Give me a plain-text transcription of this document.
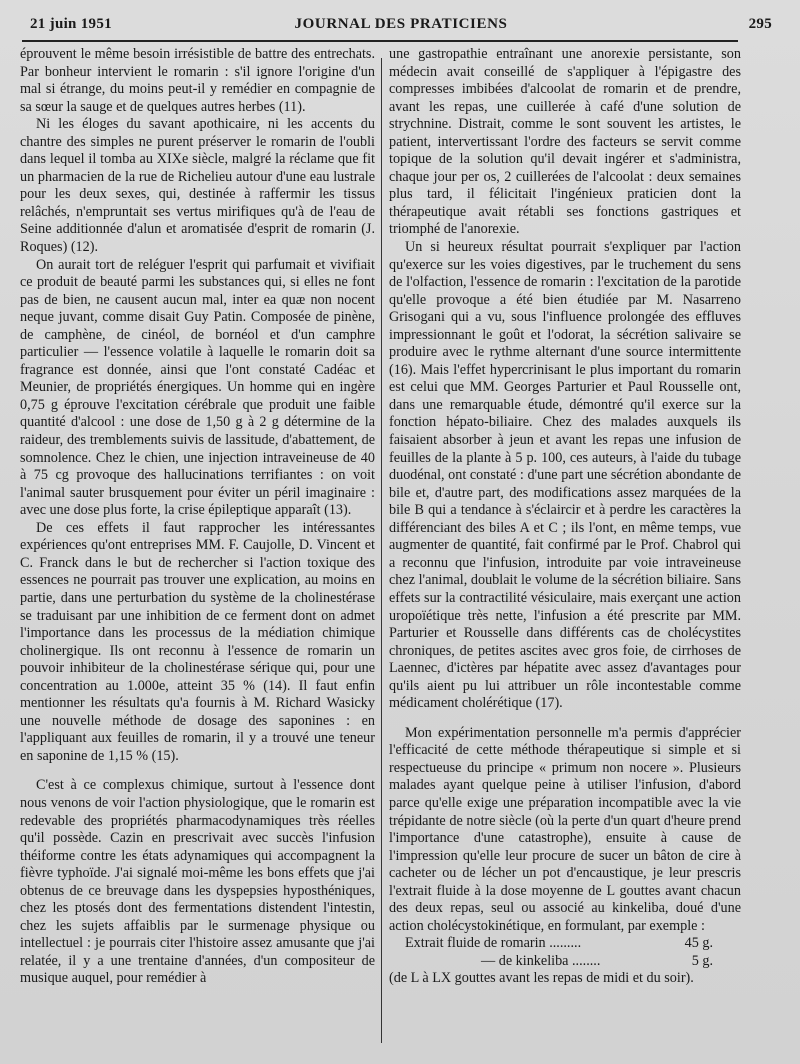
21 juin 1951	JOURNAL DES PRATICIENS	295

éprouvent le même besoin irrésistible de battre des entrechats. Par bonheur intervient le romarin : s'il ignore l'origine d'un mal si étrange, du moins peut-il y remédier en compagnie de sa sœur la sauge et de quelques autres herbes (11).

Ni les éloges du savant apothicaire, ni les accents du chantre des simples ne purent préserver le romarin de l'oubli dans lequel il tomba au XIXe siècle, malgré la réclame que fit un pharmacien de la rue de Richelieu autour d'une eau lustrale pour les deux sexes, qui, destinée à raffermir les tissus relâchés, n'empruntait ses vertus mirifiques qu'à de l'eau de Seine additionnée d'alun et aromatisée d'esprit de romarin (J. Roques) (12).

On aurait tort de reléguer l'esprit qui parfumait et vivifiait ce produit de beauté parmi les substances qui, si elles ne font pas de bien, ne causent aucun mal, inter ea quæ non nocent neque juvant, comme disait Guy Patin. Composée de pinène, de camphène, de cinéol, de bornéol et d'un camphre particulier — l'essence volatile à laquelle le romarin doit sa fragrance est donnée, ainsi que l'ont constaté Cadéac et Meunier, de propriétés énergiques. Un homme qui en ingère 0,75 g éprouve l'excitation cérébrale que produit une faible quantité d'alcool : une dose de 1,50 g à 2 g détermine de la raideur, des tremblements suivis de lassitude, d'abattement, de somnolence. Chez le chien, une injection intraveineuse de 40 à 75 cg provoque des hallucinations terrifiantes : on voit l'animal sauter brusquement pour éviter un péril imaginaire : avec une dose plus forte, la crise épileptique apparaît (13).

De ces effets il faut rapprocher les intéressantes expériences qu'ont entreprises MM. F. Caujolle, D. Vincent et C. Franck dans le but de rechercher si l'action toxique des essences ne pourrait pas trouver une explication, au moins en partie, dans une perturbation du système de la cholinestérase se traduisant par une inhibition de ce ferment dont on admet l'importance dans les processus de la médiation chimique cholinergique. Ils ont reconnu à l'essence de romarin un pouvoir inhibiteur de la cholinestérase sérique qui, pour une concentration au 1.000e, atteint 35 % (14). Il faut enfin mentionner les résultats qu'a fournis à M. Richard Wasicky une nouvelle méthode de dosage des saponines : en l'appliquant aux feuilles de romarin, il y a trouvé une teneur en saponine de 1,15 % (15).

C'est à ce complexus chimique, surtout à l'essence dont nous venons de voir l'action physiologique, que le romarin est redevable des propriétés pharmacodynamiques très réelles qu'il possède. Cazin en prescrivait avec succès l'infusion théiforme contre les états adynamiques qui accompagnent la fièvre typhoïde. J'ai signalé moi-même les bons effets que j'ai obtenus de ce breuvage dans les dyspepsies hyposthéniques, chez les ptosés dont des fermentations distendent l'intestin, chez les sujets affaiblis par le surmenage physique ou intellectuel : je pourrais citer l'histoire assez amusante que j'ai relatée, il y a une trentaine d'années, d'un compositeur de musique auquel, pour remédier à

une gastropathie entraînant une anorexie persistante, son médecin avait conseillé de s'appliquer à l'épigastre des compresses imbibées d'alcoolat de romarin et de prendre, avant les repas, une cuillerée à café d'une solution de strychnine. Distrait, comme le sont souvent les artistes, le patient, intervertissant l'ordre des facteurs se servit comme topique de la solution qu'il devait ingérer et s'administra, chaque jour per os, 2 cuillerées de l'alcoolat : deux semaines plus tard, il félicitait l'ingénieux praticien dont la thérapeutique avait rétabli ses fonctions gastriques et triomphé de l'anorexie.

Un si heureux résultat pourrait s'expliquer par l'action qu'exerce sur les voies digestives, par le truchement du sens de l'olfaction, l'essence de romarin : l'excitation de la parotide qu'elle provoque a été bien étudiée par M. Nasarreno Grisogani qui a vu, sous l'influence prolongée des effluves impressionnant le goût et l'odorat, la sécrétion salivaire se produire avec le rythme alternant d'une source intermittente (16). Mais l'effet hypercrinisant le plus important du romarin est celui que MM. Georges Parturier et Paul Rousselle ont, dans une remarquable étude, démontré qu'il exerce sur la fonction hépato-biliaire. Chez des malades auxquels ils faisaient absorber à jeun et avant les repas une infusion de feuilles de la plante à 5 p. 100, ces auteurs, à l'aide du tubage duodénal, ont constaté : d'une part une sécrétion abondante de bile et, d'autre part, des modifications assez marquées de la bile B qui a tendance à s'éclaircir et à perdre les caractères la différenciant des biles A et C ; ils l'ont, en même temps, vue augmenter de quantité, fait confirmé par le Prof. Chabrol qui a reconnu que l'infusion, introduite par voie intraveineuse chez l'animal, doublait le volume de la sécrétion biliaire. Sans effets sur la contractilité vésiculaire, mais exerçant une action uropoïétique très nette, l'infusion a été prescrite par MM. Parturier et Rousselle dans différents cas de cholécystites chroniques, de petites ascites avec gros foie, de cirrhoses de Laennec, d'ictères par hépatite avec assez d'avantages pour qu'ils aient pu lui attribuer un rôle incontestable comme médicament cholérétique (17).

Mon expérimentation personnelle m'a permis d'apprécier l'efficacité de cette méthode thérapeutique si simple et si respectueuse du principe « primum non nocere ». Plusieurs malades ayant quelque peine à utiliser l'infusion, d'abord parce qu'elle exige une préparation incompatible avec la vie trépidante de notre siècle (où la perte d'un quart d'heure prend l'importance d'une catastrophe), ensuite à cause de l'impression qu'elle leur procure de sucer un bâton de cire à cacheter ou de lécher un pot d'encaustique, je leur prescris l'extrait fluide à la dose moyenne de L gouttes avant chacun des deux repas, seul ou associé au kinkeliba, doué d'une action cholécystokinétique, en formulant, par exemple :

Extrait fluide de romarin .........	45 g.
— de kinkeliba ........	5 g.
(de L à LX gouttes avant les repas de midi et du soir).
